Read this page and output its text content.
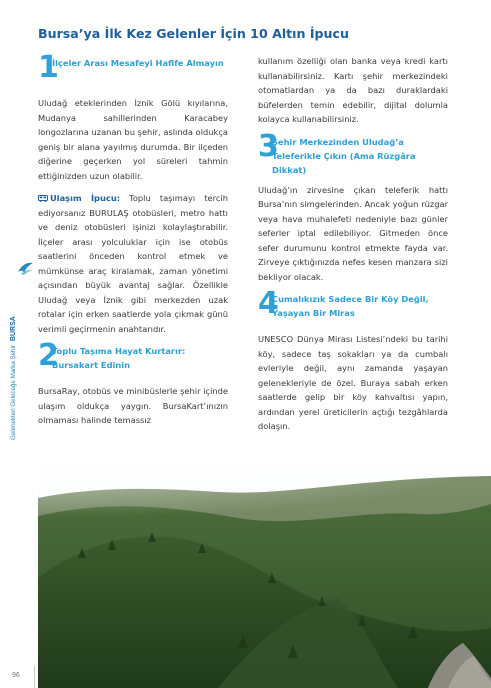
Bursa’ya İlk Kez Gelenler İçin 10 Altın İpucu
Gelenekten Geleceğe Marka ŞehirBURSA
1
İlçeler Arası Mesafeyi Hafife Almayın

Uludağ eteklerinden İznik Gölü kıyılarına, Mudanya sahillerinden Karacabey longozlarına uzanan bu şehir, aslında oldukça geniş bir alana yayılmış durumda. Bir ilçeden diğerine geçerken yol süreleri tahmin ettiğinizden uzun olabilir.

Ulaşım İpucu: Toplu taşımayı tercih ediyorsanız BURULAŞ otobüsleri, metro hattı ve deniz otobüsleri işinizi kolaylaştırabilir. İlçeler arası yolculuklar için ise otobüs saatlerini önceden kontrol etmek ve mümkünse araç kiralamak, zaman yönetimi açısından büyük avantaj sağlar. Özellikle Uludağ veya İznik gibi merkezden uzak rotalar için erken saatlerde yola çıkmak günü verimli geçirmenin anahtarıdır.

2
Toplu Taşıma Hayat Kurtarır: Bursakart Edinin

BursaRay, otobüs ve minibüslerle şehir içinde ulaşım oldukça yaygın. BursaKart’ınızın olmaması halinde temassız

kullanım özelliği olan banka veya kredi kartı kullanabilirsiniz. Kartı şehir merkezindeki otomatlardan ya da bazı duraklardaki büfelerden temin edebilir, dijital dolumla kolayca kullanabilirsiniz.

3
Şehir Merkezinden Uludağ’a Teleferikle Çıkın (Ama Rüzgâra Dikkat)

Uludağ’ın zirvesine çıkan teleferik hattı Bursa’nın simgelerinden. Ancak yoğun rüzgar veya hava muhalefeti nedeniyle bazı günler seferler iptal edilebiliyor. Gitmeden önce sefer durumunu kontrol etmekte fayda var. Zirveye çıktığınızda nefes kesen manzara sizi bekliyor olacak.

4
Cumalıkızık Sadece Bir Köy Değil, Yaşayan Bir Miras

UNESCO Dünya Mirası Listesi’ndeki bu tarihi köy, sadece taş sokakları ya da cumbalı evleriyle değil, aynı zamanda yaşayan gelenekleriyle de özel. Buraya sabah erken saatlerde gelip bir köy kahvaltısı yapın, ardından yerel üreticilerin açtığı tezgâhlarda dolaşın.

96
